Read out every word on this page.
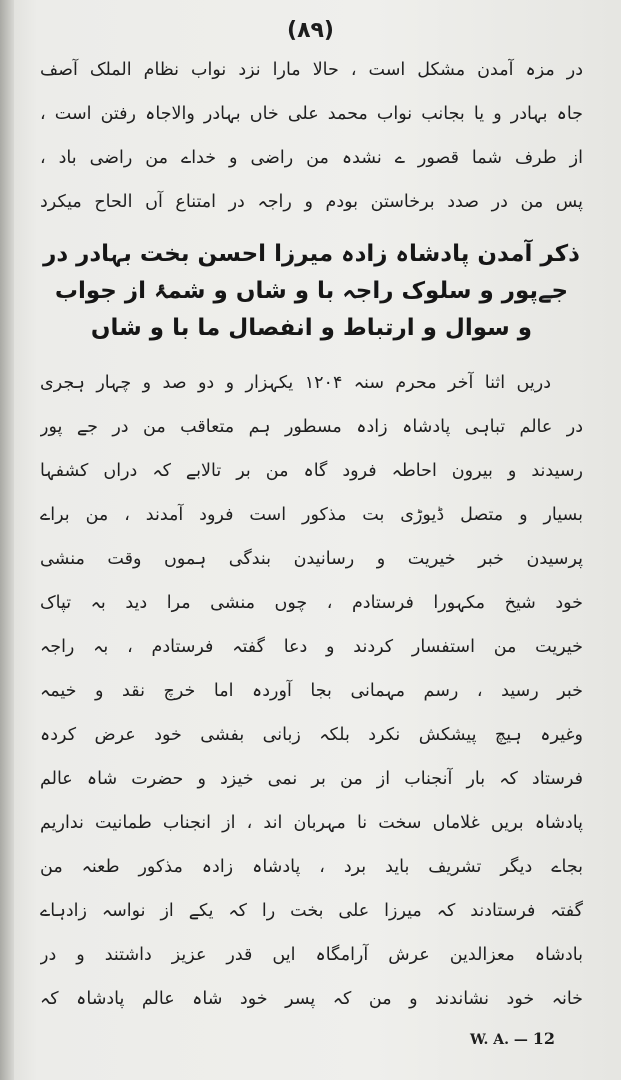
(۸۹)
در مزہ آمدن مشکل است ، حالا مارا نزد نواب نظام الملک آصف
جاہ بہادر و یا بجانب نواب محمد علی خاں بہادر والاجاہ رفتن است ،
از طرف شما قصور ے نشدہ من راضی و خداے من راضی باد ،
پس من در صدد برخاستن بودم و راجہ در امتناع آں الحاح میکرد
ذکر آمدن پادشاہ زادہ میرزا احسن بخت بہادر در
جےپور و سلوک راجہ با و شاں و شمۂ از جواب
و سوال و ارتباط و انفصال ما با و شاں
دریں اثنا آخر محرم سنہ ۱۲۰۴ یکہزار و دو صد و چہار ہجری
در عالم تباہی پادشاہ زادہ مسطور ہم متعاقب من در جے پور
رسیدند و بیرون احاطہ فرود گاہ من بر تالابے کہ دراں کشفہا
بسیار و متصل ڈیوڑی بت مذکور است فرود آمدند ، من براے
پرسیدن خبر خیریت و رسانیدن بندگی ہموں وقت منشی
خود شیخ مکہورا فرستادم ، چوں منشی مرا دید بہ تپاک
خیریت من استفسار کردند و دعا گفتہ فرستادم ، بہ راجہ
خبر رسید ، رسم مہمانی بجا آوردہ اما خرچ نقد و خیمہ
وغیرہ ہیچ پیشکش نکرد بلکہ زبانی بفشی خود عرض کردہ
فرستاد کہ بار آنجناب از من بر نمی خیزد و حضرت شاہ عالم
پادشاہ بریں غلاماں سخت نا مہربان اند ، از انجناب طمانیت نداریم
بجاے دیگر تشریف باید برد ، پادشاہ زادہ مذکور طعنہ من
گفتہ فرستادند کہ میرزا علی بخت را کہ یکے از نواسہ زادہاے
بادشاہ معزالدین عرش آرامگاہ ایں قدر عزیز داشتند و در
خانہ خود نشاندند و من کہ پسر خود شاہ عالم پادشاہ کہ
W. A. — 12
